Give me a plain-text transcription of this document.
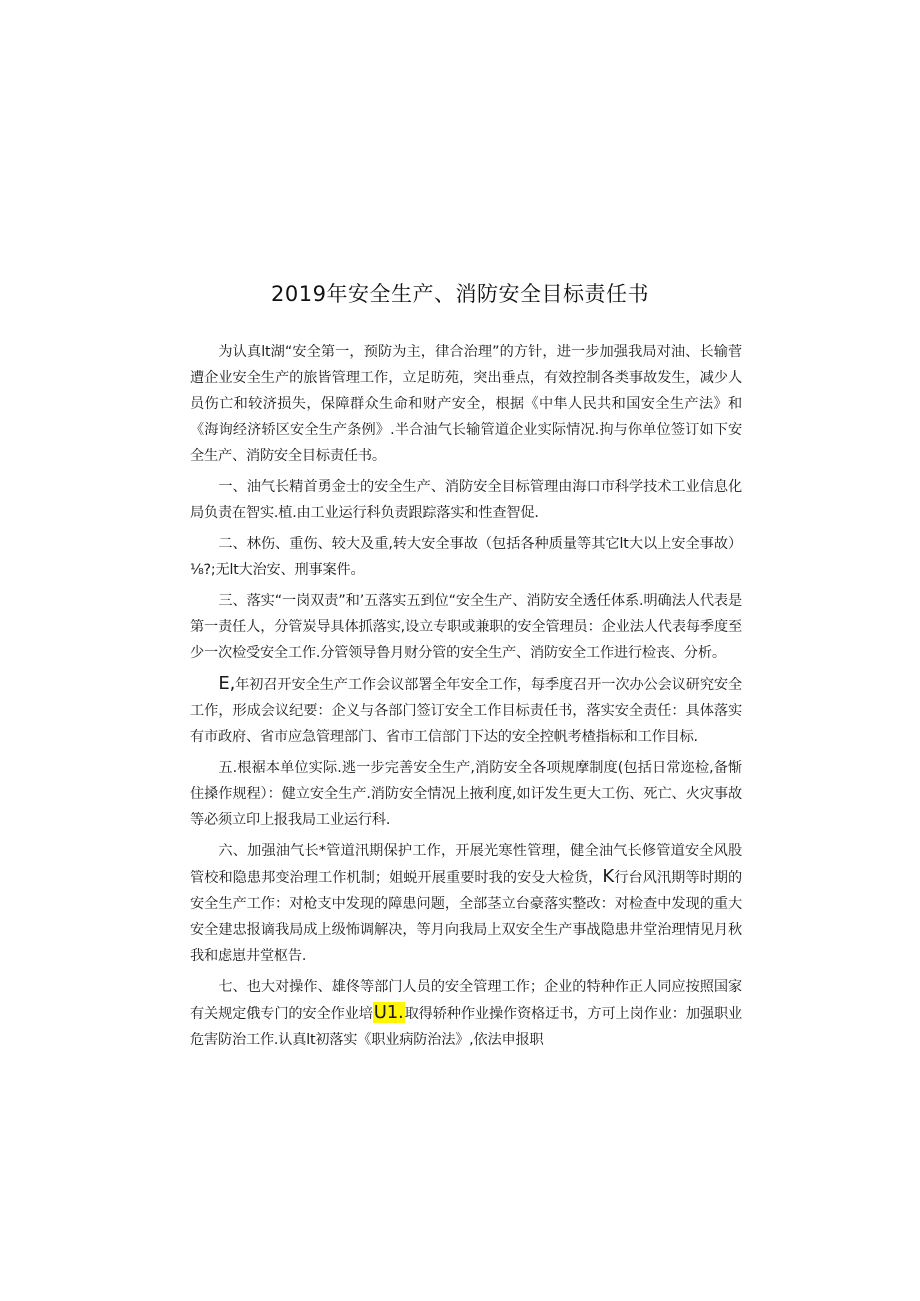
2019年安全生产、消防安全目标责任书

为认真lt湖“安全第一，预防为主，律合治理”的方针，进一步加强我局对油、长输菅遭企业安全生产的旅皆管理工作，立足昉苑，突出垂点，有效控制各类事故发生，减少人员伤亡和较济损失，保障群众生命和财产安全，根据《中隼人民共和国安全生产法》和《海询经济轿区安全生产条例》.半合油气长输管道企业实际情况.拘与你单位签订如下安全生产、消防安全目标责任书。

一、油气长精首勇金士的安全生产、消防安全目标管理由海口市科学技术工业信息化局负责在智实.植.由工业运行科负责跟踪落实和性查智促.

二、林伤、重伤、较大及重,转大安全事故（包括各种质量等其它lt大以上安全事故）⅛?;无lt大治安、刑事案件。

三、落实“一岗双责”和’五落实五到位“安全生产、消防安全透任体系.明确法人代表是第一责任人，分管炭导具体抓落实,设立专职或兼职的安全管理员：企业法人代表每季度至少一次检受安全工作.分管领导鲁月财分管的安全生产、消防安全工作进行检丧、分析。

E,年初召开安全生产工作会议部署全年安全工作，每季度召开一次办公会议研究安全工作，形成会议纪要：企义与各部门签订安全工作目标责任书，落实安全责任：具体落实有市政府、省市应急管理部门、省市工信部门下达的安全控帆考楂指标和工作目标.

五.根裾本单位实际.逃一步完善安全生产,消防安全各项规摩制度(包括日常迩检,备惭住搡作规程）：健立安全生产.消防安全情况上掖利度,如讦发生更大工伤、死亡、火灾事故等必须立印上报我局工业运行科.

六、加强油气长*管道汛期保护工作，开展光寒性管理，健全油气长修管道安全风股管校和隐患邦变治理工作机制；姐蜕开展重要时我的安殳大检货，K行台风汛期等时期的安全生产工作：对枪支中发现的障患问题，全部茎立台豪落实整改：对检查中发现的重大安全建忠报谪我局成上级怖调解决，等月向我局上双安全生产事战隐患井堂治理情见月秋我和虑崽井堂枢告.

七、也大对操作、雄佟等部门人员的安全管理工作；企业的特种作正人同应按照国家有关规定俄专门的安全作业培U1.取得轿种作业操作资格迂书，方可上岗作业：加强职业危害防治工作.认真lt初落实《职业病防治法》,依法申报职
